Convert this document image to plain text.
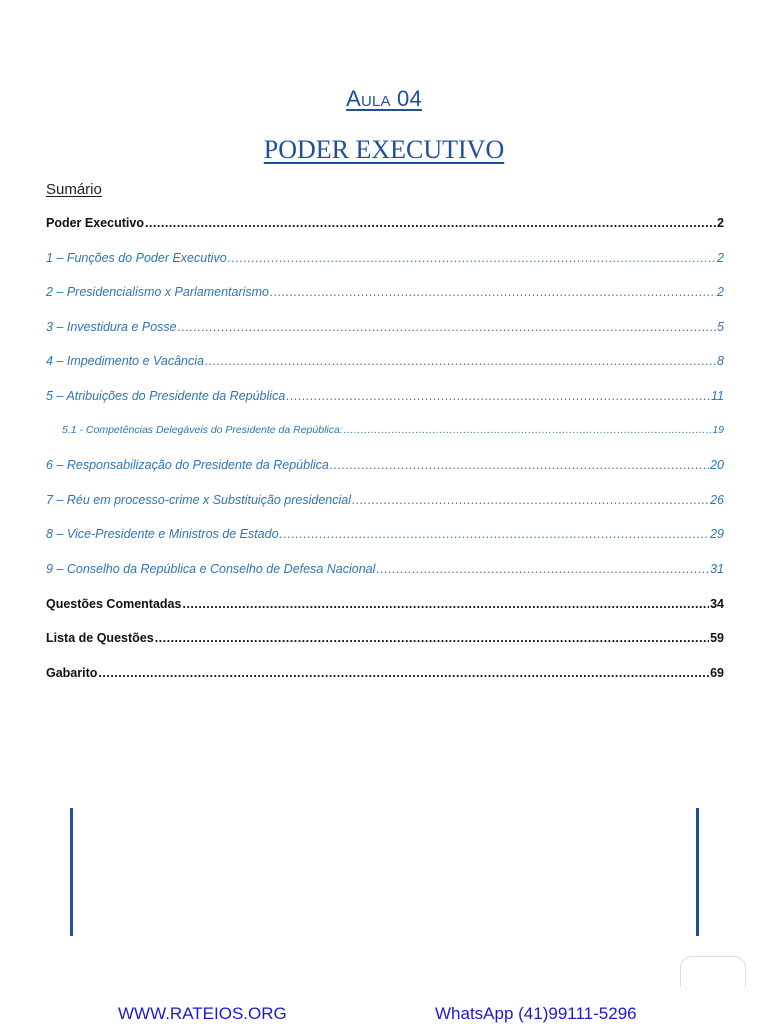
Aula 04
PODER EXECUTIVO
Sumário
Poder Executivo .....	2
1 – Funções do Poder Executivo .....	2
2 – Presidencialismo x Parlamentarismo .....	2
3 – Investidura e Posse .....	5
4 – Impedimento e Vacância .....	8
5 – Atribuições do Presidente da República .....	11
5.1 - Competências Delegáveis do Presidente da República: .....	19
6 – Responsabilização do Presidente da República .....	20
7 – Réu em processo-crime x Substituição presidencial .....	26
8 – Vice-Presidente e Ministros de Estado .....	29
9 – Conselho da República e Conselho de Defesa Nacional .....	31
Questões Comentadas .....	34
Lista de Questões .....	59
Gabarito .....	69
WWW.RATEIOS.ORG	WhatsApp (41)99111-5296
